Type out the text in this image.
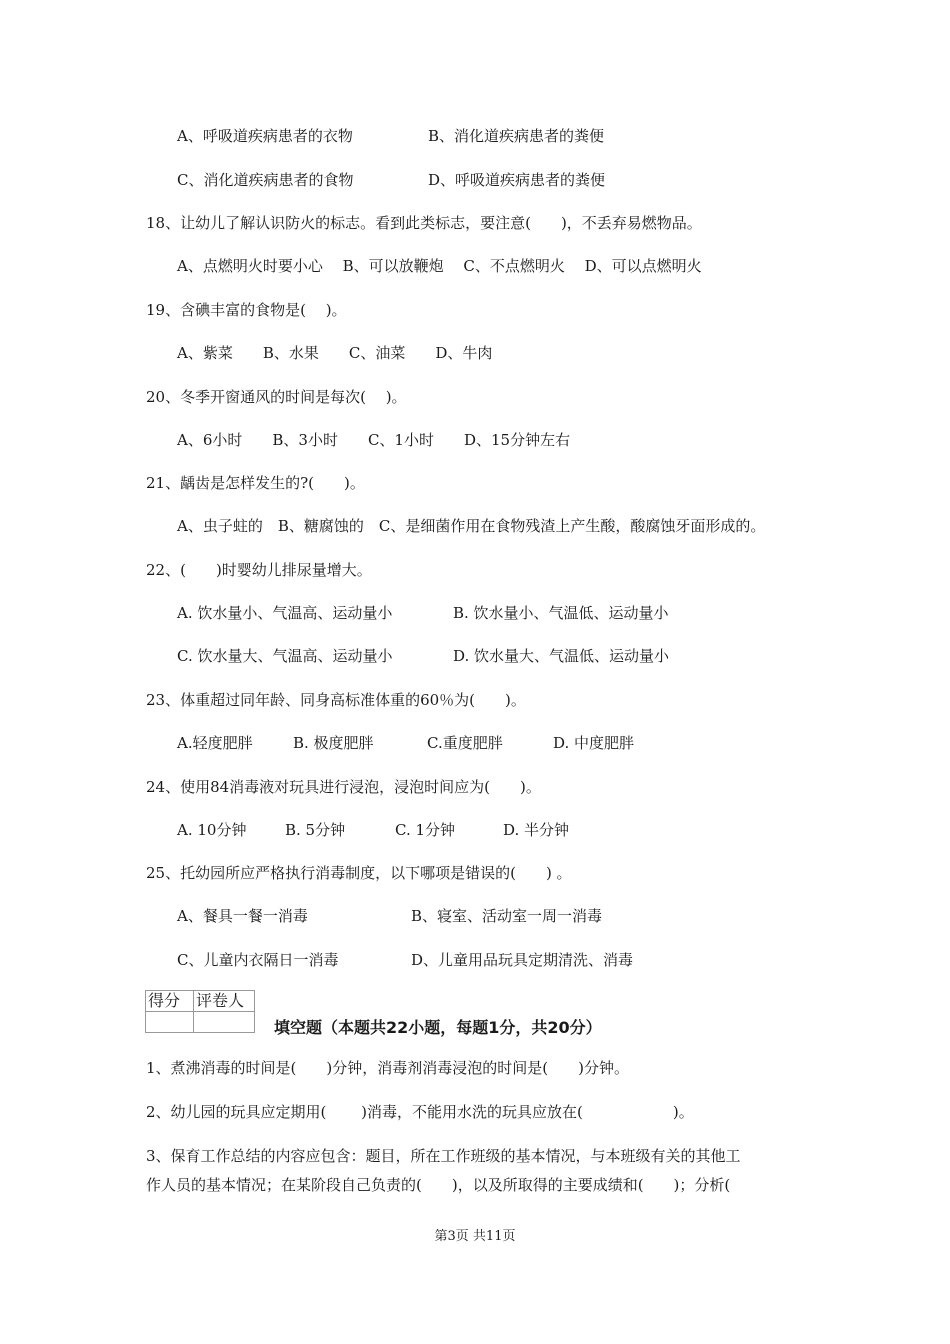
A、呼吸道疾病患者的衣物	B、消化道疾病患者的粪便
C、消化道疾病患者的食物	D、呼吸道疾病患者的粪便
18、让幼儿了解认识防火的标志。看到此类标志，要注意(　　)，不丢弃易燃物品。
A、点燃明火时要小心　 B、可以放鞭炮　 C、不点燃明火　 D、可以点燃明火
19、含碘丰富的食物是(　 )。
A、紫菜　　B、水果　　C、油菜　　D、牛肉
20、冬季开窗通风的时间是每次(　 )。
A、6小时　　B、3小时　　C、1小时　　D、15分钟左右
21、龋齿是怎样发生的?(　　)。
A、虫子蛀的　B、糖腐蚀的　C、是细菌作用在食物残渣上产生酸，酸腐蚀牙面形成的。
22、(　　)时婴幼儿排尿量增大。
A. 饮水量小、气温高、运动量小	B. 饮水量小、气温低、运动量小
C. 饮水量大、气温高、运动量小	D. 饮水量大、气温低、运动量小
23、体重超过同年龄、同身高标准体重的60％为(　　)。
A.轻度肥胖	B. 极度肥胖	C.重度肥胖	D. 中度肥胖
24、使用84消毒液对玩具进行浸泡，浸泡时间应为(　　)。
A. 10分钟	B. 5分钟	C. 1分钟	D. 半分钟
25、托幼园所应严格执行消毒制度，以下哪项是错误的(　　) 。
A、餐具一餐一消毒	B、寝室、活动室一周一消毒
C、儿童内衣隔日一消毒	D、儿童用品玩具定期清洗、消毒
得分	评卷人

填空题（本题共22小题，每题1分，共20分）
1、煮沸消毒的时间是(　　)分钟，消毒剂消毒浸泡的时间是(　　)分钟。
2、幼儿园的玩具应定期用(　　 )消毒，不能用水洗的玩具应放在(　　　　　　)。
3、保育工作总结的内容应包含：题目，所在工作班级的基本情况，与本班级有关的其他工
作人员的基本情况；在某阶段自己负责的(　　)，以及所取得的主要成绩和(　　)；分析(
第3页 共11页
